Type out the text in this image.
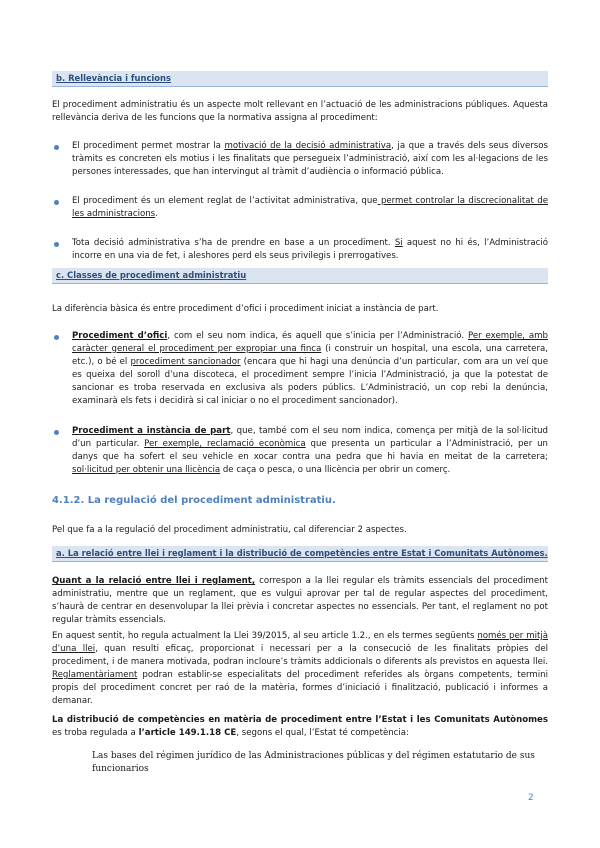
b. Rellevància i funcions
El procediment administratiu és un aspecte molt rellevant en l’actuació de les administracions públiques. Aquesta rellevància deriva de les funcions que la normativa assigna al procediment:
El procediment permet mostrar la motivació de la decisió administrativa, ja que a través dels seus diversos tràmits es concreten els motius i les finalitats que persegueix l’administració, així com les al·legacions de les persones interessades, que han intervingut al tràmit d’audiència o informació pública.
El procediment és un element reglat de l’activitat administrativa, que permet controlar la discrecionalitat de les administracions.
Tota decisió administrativa s’ha de prendre en base a un procediment. Si aquest no hi és, l’Administració incorre en una via de fet, i aleshores perd els seus privilegis i prerrogatives.
c. Classes de procediment administratiu
La diferència bàsica és entre procediment d’ofici i procediment iniciat a instància de part.
Procediment d’ofici, com el seu nom indica, és aquell que s’inicia per l’Administració. Per exemple, amb caràcter general el procediment per expropiar una finca (i construir un hospital, una escola, una carretera, etc.), o bé el procediment sancionador (encara que hi hagi una denúncia d’un particular, com ara un veí que es queixa del soroll d’una discoteca, el procediment sempre l’inicia l’Administració, ja que la potestat de sancionar es troba reservada en exclusiva als poders públics. L’Administració, un cop rebi la denúncia, examinarà els fets i decidirà si cal iniciar o no el procediment sancionador).
Procediment a instància de part, que, també com el seu nom indica, comença per mitjà de la sol·licitud d’un particular. Per exemple, reclamació econòmica que presenta un particular a l’Administració, per un danys que ha sofert el seu vehicle en xocar contra una pedra que hi havia en meitat de la carretera; sol·licitud per obtenir una llicència de caça o pesca, o una llicència per obrir un comerç.
4.1.2. La regulació del procediment administratiu.
Pel que fa a la regulació del procediment administratiu, cal diferenciar 2 aspectes.
a. La relació entre llei i reglament i la distribució de competències entre Estat i Comunitats Autònomes.
Quant a la relació entre llei i reglament, correspon a la llei regular els tràmits essencials del procediment administratiu, mentre que un reglament, que es vulgui aprovar per tal de regular aspectes del procediment, s’haurà de centrar en desenvolupar la llei prèvia i concretar aspectes no essencials. Per tant, el reglament no pot regular tràmits essencials.
En aquest sentit, ho regula actualment la Llei 39/2015, al seu article 1.2., en els termes següents només per mitjà d’una llei, quan resulti eficaç, proporcionat i necessari per a la consecució de les finalitats pròpies del procediment, i de manera motivada, podran incloure’s tràmits addicionals o diferents als previstos en aquesta llei. Reglamentàriament podran establir-se especialitats del procediment referides als òrgans competents, termini propis del procediment concret per raó de la matèria, formes d’iniciació i finalització, publicació i informes a demanar.
La distribució de competències en matèria de procediment entre l’Estat i les Comunitats Autònomes es troba regulada a l’article 149.1.18 CE, segons el qual, l’Estat té competència:
Las bases del régimen jurídico de las Administraciones públicas y del régimen estatutario de sus funcionarios
2
